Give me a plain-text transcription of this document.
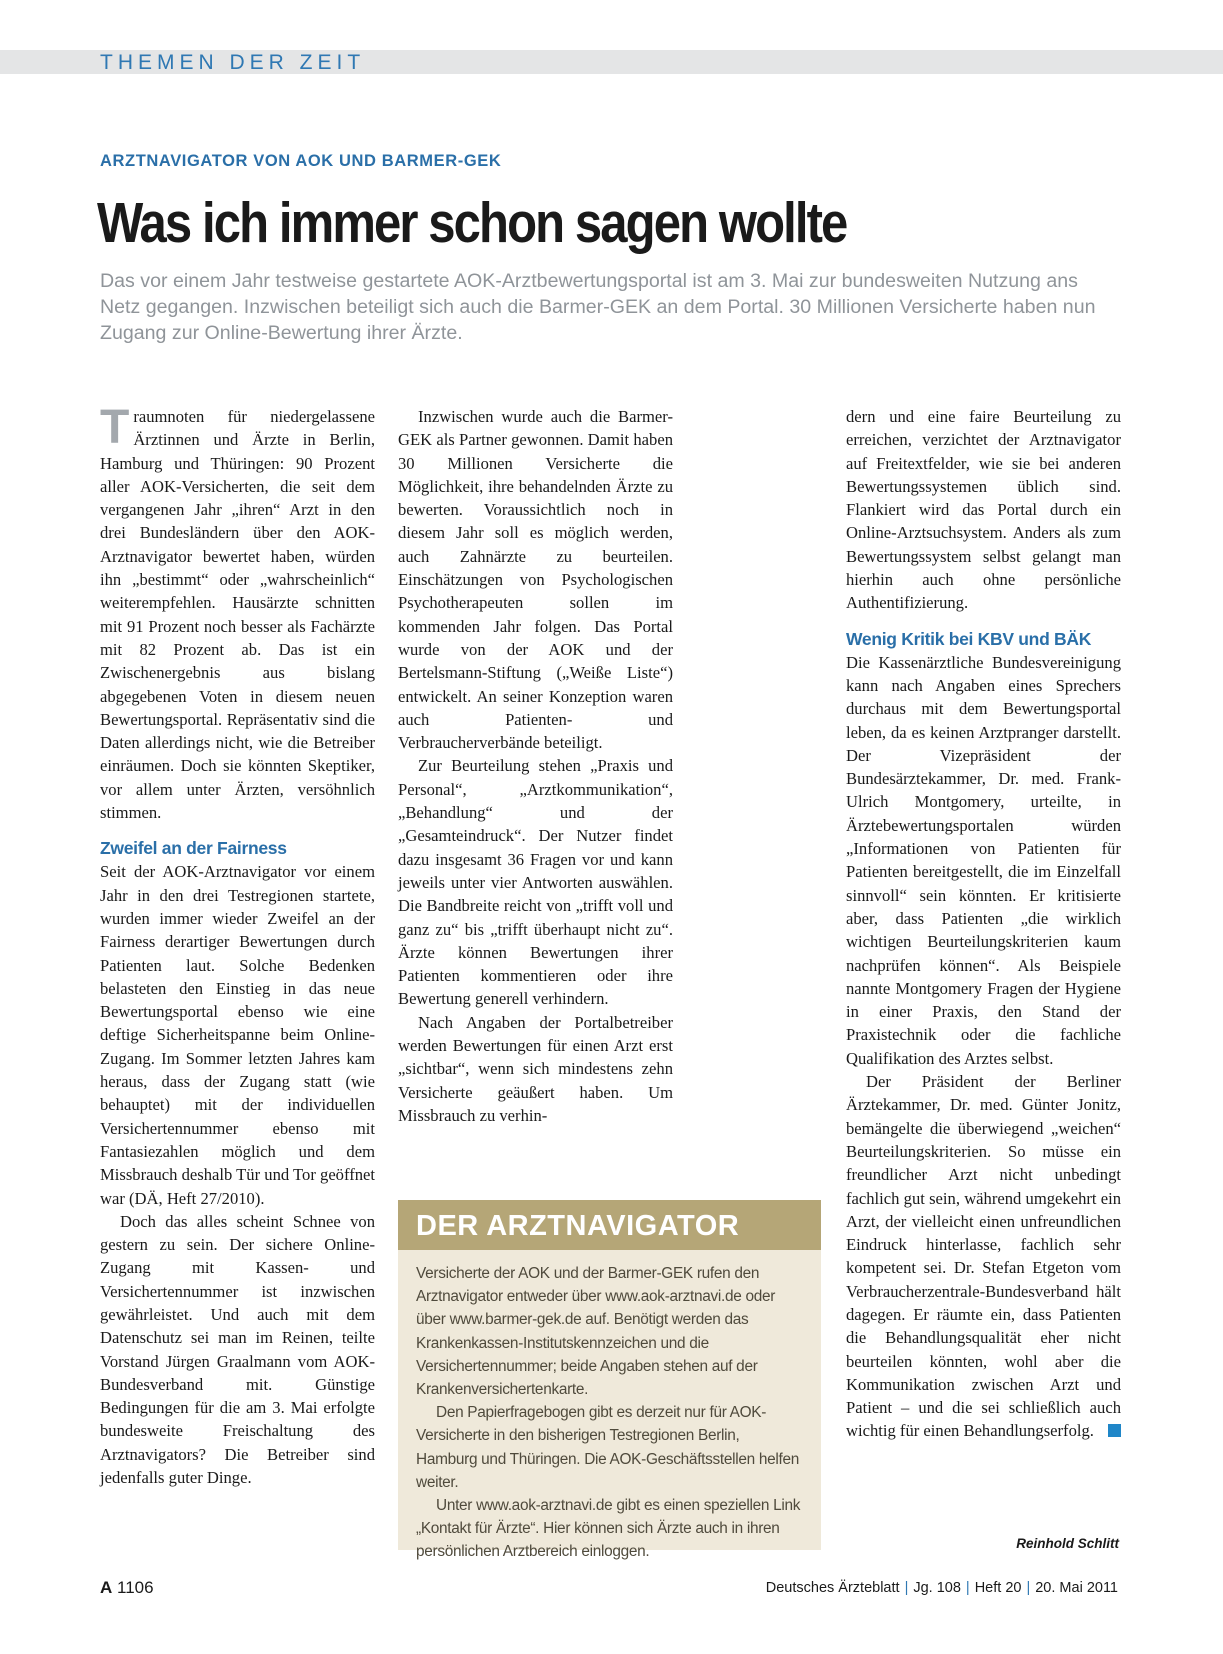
THEMEN DER ZEIT
ARZTNAVIGATOR VON AOK UND BARMER-GEK
Was ich immer schon sagen wollte

Das vor einem Jahr testweise gestartete AOK-Arztbewertungsportal ist am 3. Mai zur bundesweiten Nutzung ans Netz gegangen. Inzwischen beteiligt sich auch die Barmer-GEK an dem Portal. 30 Millionen Versicherte haben nun Zugang zur Online-Bewertung ihrer Ärzte.

Traumnoten für niedergelassene Ärztinnen und Ärzte in Berlin, Hamburg und Thüringen: 90 Prozent aller AOK-Versicherten, die seit dem vergangenen Jahr „ihren“ Arzt in den drei Bundesländern über den AOK-Arztnavigator bewertet haben, würden ihn „bestimmt“ oder „wahrscheinlich“ weiterempfehlen. Hausärzte schnitten mit 91 Prozent noch besser als Fachärzte mit 82 Prozent ab. Das ist ein Zwischenergebnis aus bislang abgegebenen Voten in diesem neuen Bewertungsportal. Repräsentativ sind die Daten allerdings nicht, wie die Betreiber einräumen. Doch sie könnten Skeptiker, vor allem unter Ärzten, versöhnlich stimmen.

Zweifel an der Fairness

Seit der AOK-Arztnavigator vor einem Jahr in den drei Testregionen startete, wurden immer wieder Zweifel an der Fairness derartiger Bewertungen durch Patienten laut. Solche Bedenken belasteten den Einstieg in das neue Bewertungsportal ebenso wie eine deftige Sicherheitspanne beim Online-Zugang. Im Sommer letzten Jahres kam heraus, dass der Zugang statt (wie behauptet) mit der individuellen Versichertennummer ebenso mit Fantasiezahlen möglich und dem Missbrauch deshalb Tür und Tor geöffnet war (DÄ, Heft 27/2010).

Doch das alles scheint Schnee von gestern zu sein. Der sichere Online-Zugang mit Kassen- und Versichertennummer ist inzwischen gewährleistet. Und auch mit dem Datenschutz sei man im Reinen, teilte Vorstand Jürgen Graalmann vom AOK-Bundesverband mit. Günstige Bedingungen für die am 3. Mai erfolgte bundesweite Freischaltung des Arztnavigators? Die Betreiber sind jedenfalls guter Dinge.

Inzwischen wurde auch die Barmer-GEK als Partner gewonnen. Damit haben 30 Millionen Versicherte die Möglichkeit, ihre behandelnden Ärzte zu bewerten. Voraussichtlich noch in diesem Jahr soll es möglich werden, auch Zahnärzte zu beurteilen. Einschätzungen von Psychologischen Psychotherapeuten sollen im kommenden Jahr folgen. Das Portal wurde von der AOK und der Bertelsmann-Stiftung („Weiße Liste“) entwickelt. An seiner Konzeption waren auch Patienten- und Verbraucherverbände beteiligt.

Zur Beurteilung stehen „Praxis und Personal“, „Arztkommunikation“, „Behandlung“ und der „Gesamteindruck“. Der Nutzer findet dazu insgesamt 36 Fragen vor und kann jeweils unter vier Antworten auswählen. Die Bandbreite reicht von „trifft voll und ganz zu“ bis „trifft überhaupt nicht zu“. Ärzte können Bewertungen ihrer Patienten kommentieren oder ihre Bewertung generell verhindern.

Nach Angaben der Portalbetreiber werden Bewertungen für einen Arzt erst „sichtbar“, wenn sich mindestens zehn Versicherte geäußert haben. Um Missbrauch zu verhin-

DER ARZTNAVIGATOR

Versicherte der AOK und der Barmer-GEK rufen den Arztnavigator entweder über www.aok-arztnavi.de oder über www.barmer-gek.de auf. Benötigt werden das Krankenkassen-Institutskennzeichen und die Versichertennummer; beide Angaben stehen auf der Krankenversichertenkarte.

Den Papierfragebogen gibt es derzeit nur für AOK-Versicherte in den bisherigen Testregionen Berlin, Hamburg und Thüringen. Die AOK-Geschäftsstellen helfen weiter.

Unter www.aok-arztnavi.de gibt es einen speziellen Link „Kontakt für Ärzte“. Hier können sich Ärzte auch in ihren persönlichen Arztbereich einloggen.

dern und eine faire Beurteilung zu erreichen, verzichtet der Arztnavigator auf Freitextfelder, wie sie bei anderen Bewertungssystemen üblich sind. Flankiert wird das Portal durch ein Online-Arztsuchsystem. Anders als zum Bewertungssystem selbst gelangt man hierhin auch ohne persönliche Authentifizierung.

Wenig Kritik bei KBV und BÄK

Die Kassenärztliche Bundesvereinigung kann nach Angaben eines Sprechers durchaus mit dem Bewertungsportal leben, da es keinen Arztpranger darstellt. Der Vizepräsident der Bundesärztekammer, Dr. med. Frank-Ulrich Montgomery, urteilte, in Ärztebewertungsportalen würden „Informationen von Patienten für Patienten bereitgestellt, die im Einzelfall sinnvoll“ sein könnten. Er kritisierte aber, dass Patienten „die wirklich wichtigen Beurteilungskriterien kaum nachprüfen können“. Als Beispiele nannte Montgomery Fragen der Hygiene in einer Praxis, den Stand der Praxistechnik oder die fachliche Qualifikation des Arztes selbst.

Der Präsident der Berliner Ärztekammer, Dr. med. Günter Jonitz, bemängelte die überwiegend „weichen“ Beurteilungskriterien. So müsse ein freundlicher Arzt nicht unbedingt fachlich gut sein, während umgekehrt ein Arzt, der vielleicht einen unfreundlichen Eindruck hinterlasse, fachlich sehr kompetent sei. Dr. Stefan Etgeton vom Verbraucherzentrale-Bundesverband hält dagegen. Er räumte ein, dass Patienten die Behandlungsqualität eher nicht beurteilen könnten, wohl aber die Kommunikation zwischen Arzt und Patient – und die sei schließlich auch wichtig für einen Behandlungserfolg.

Reinhold Schlitt
A 1106	Deutsches Ärzteblatt | Jg. 108 | Heft 20 | 20. Mai 2011
